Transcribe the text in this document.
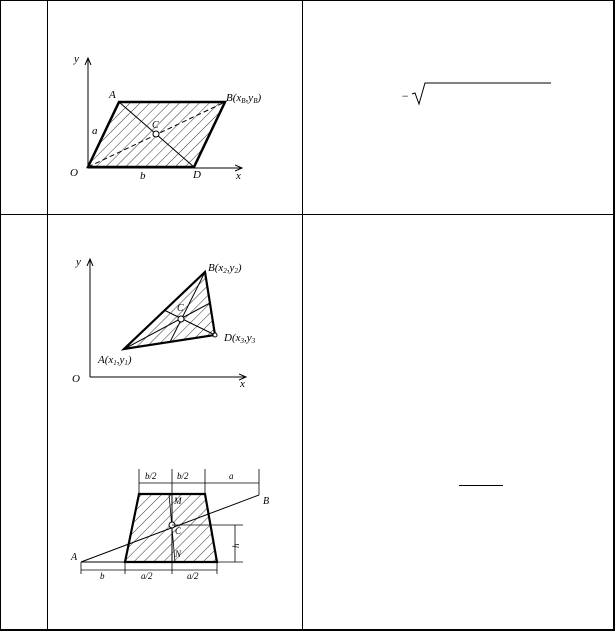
y
x
O
A	B(xB,yB)
C
D
a
b
−
y
x
O
B(x2,y2)
C
D(x3,y3
A(x1,y1)
b/2 b/2	a
h
B
M
C
N
A
b	a/2	a/2
